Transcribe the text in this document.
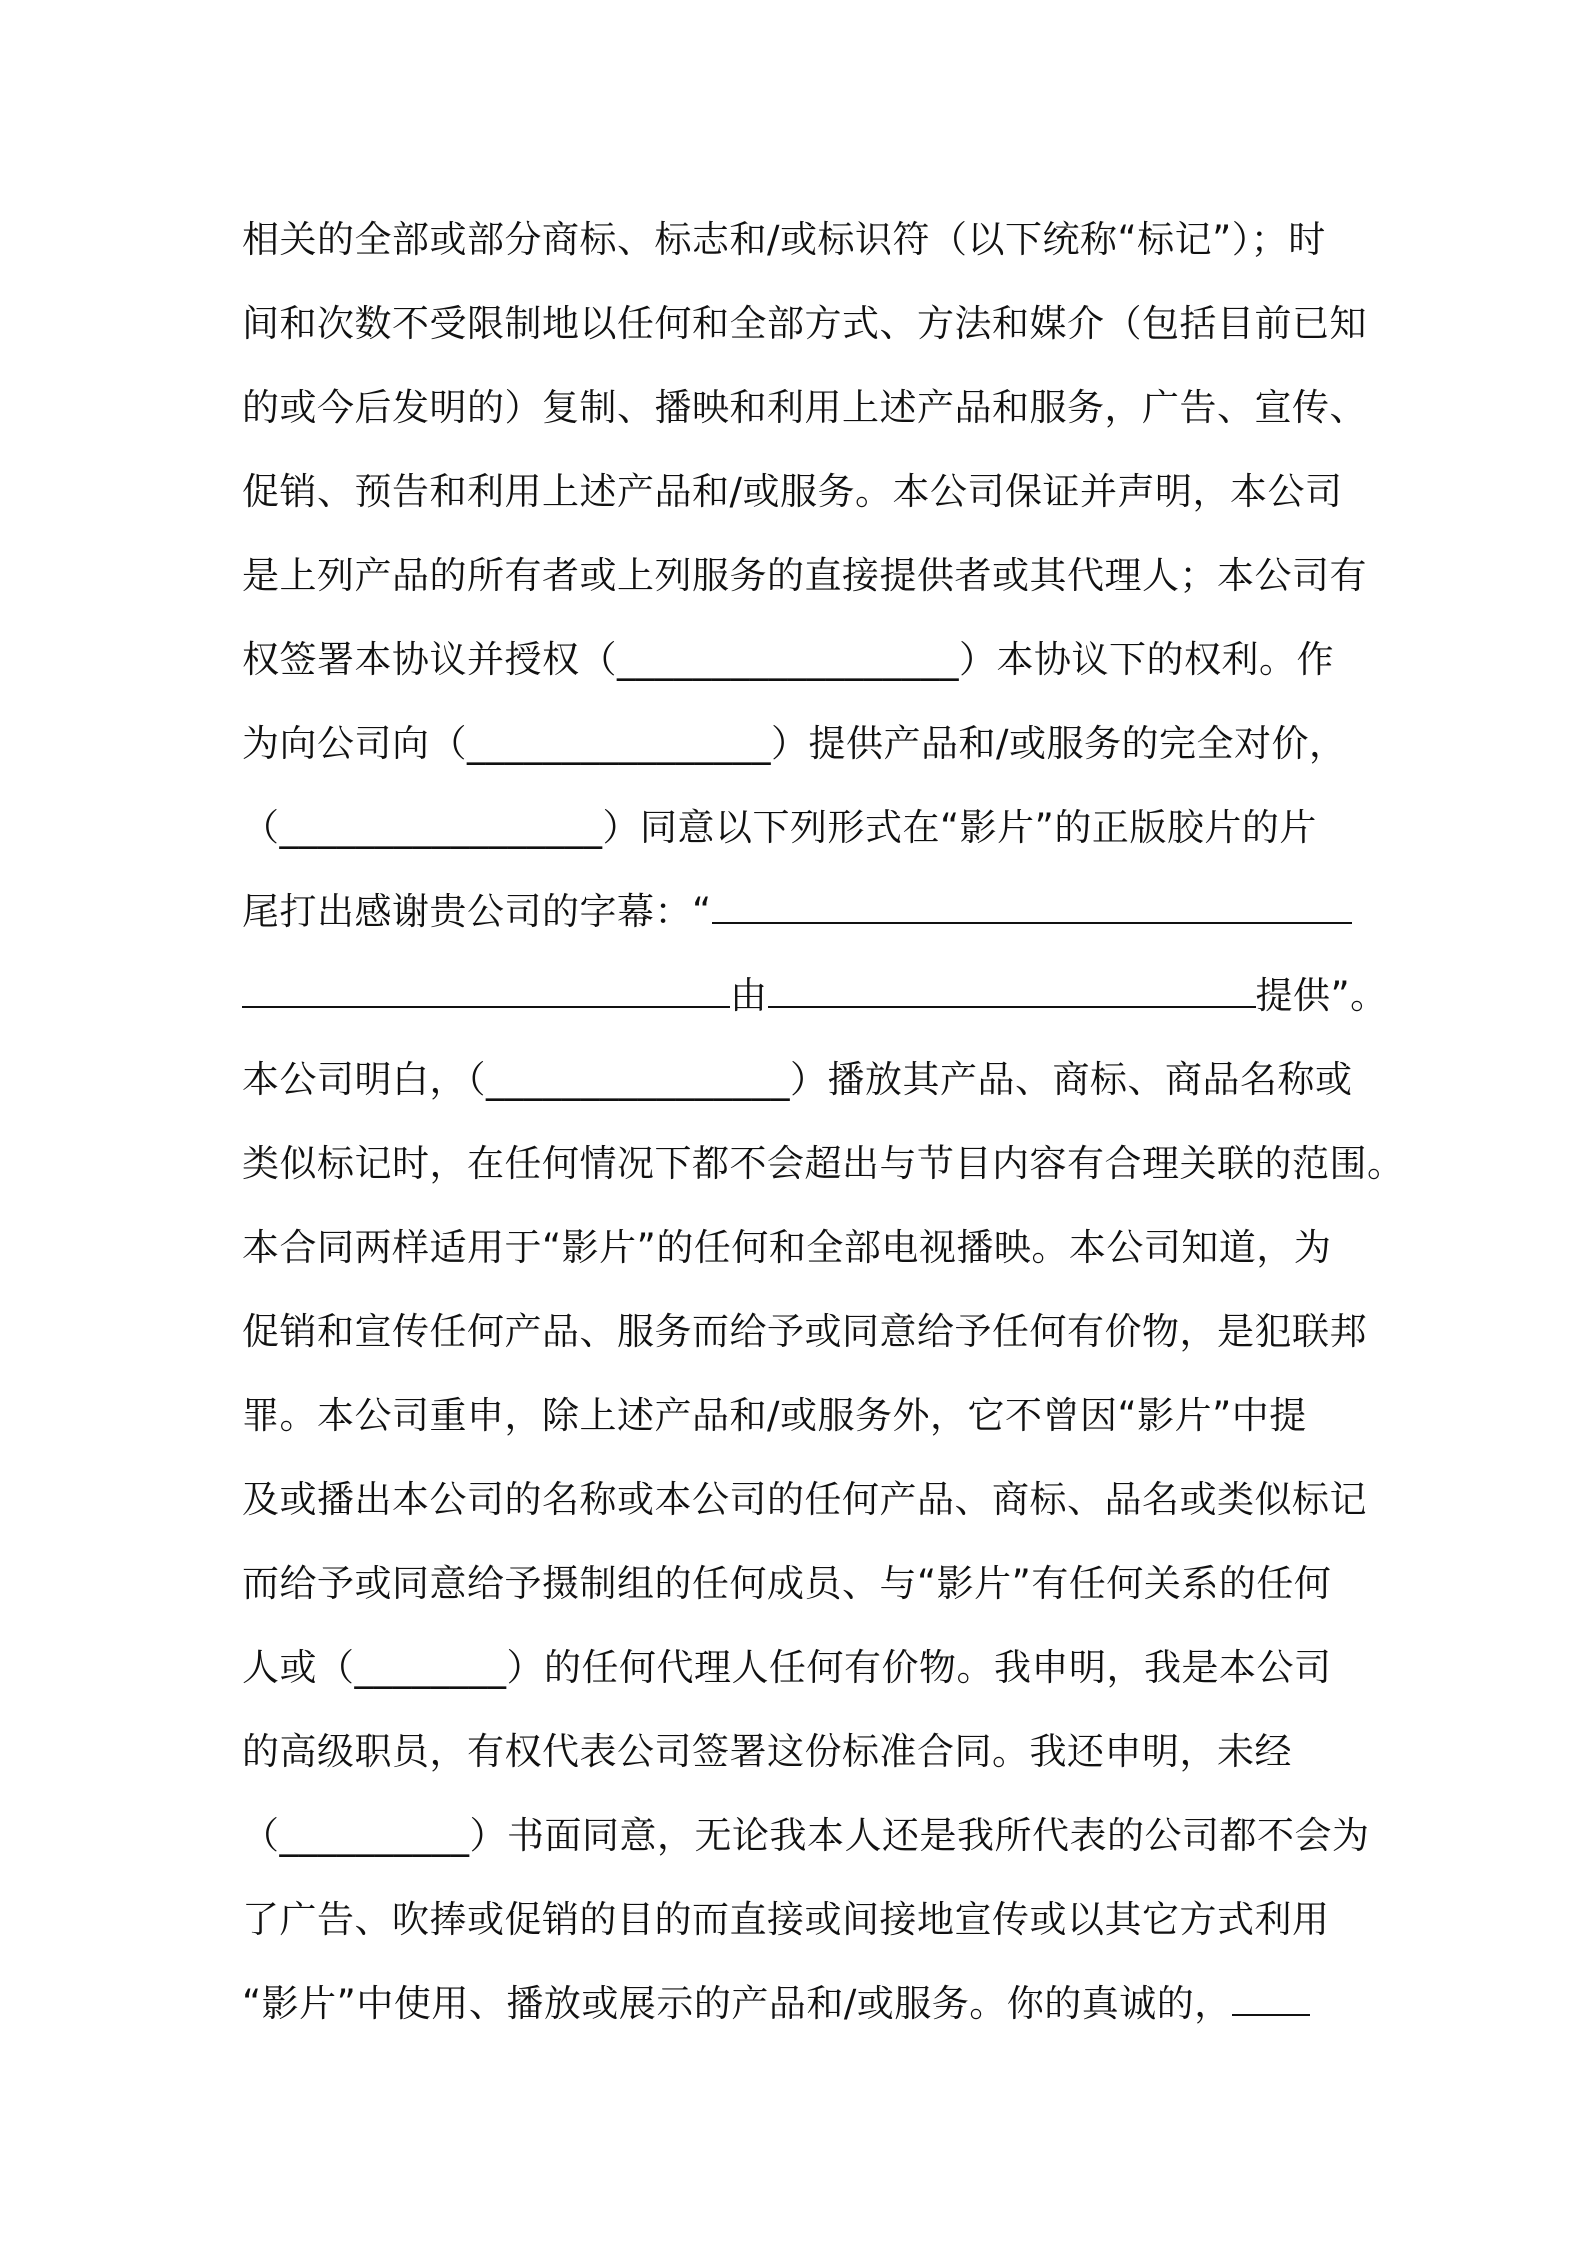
相关的全部或部分商标、标志和/或标识符（以下统称“标记”）；时
间和次数不受限制地以任何和全部方式、方法和媒介（包括目前已知
的或今后发明的）复制、播映和利用上述产品和服务，广告、宣传、
促销、预告和利用上述产品和/或服务。本公司保证并声明，本公司
是上列产品的所有者或上列服务的直接提供者或其代理人；本公司有
权签署本协议并授权（__________________）本协议下的权利。作
为向公司向（________________）提供产品和/或服务的完全对价，
（_________________）同意以下列形式在“影片”的正版胶片的片
尾打出感谢贵公司的字幕：“
由	提供”。
本公司明白，（________________）播放其产品、商标、商品名称或
类似标记时，在任何情况下都不会超出与节目内容有合理关联的范围。
本合同两样适用于“影片”的任何和全部电视播映。本公司知道，为
促销和宣传任何产品、服务而给予或同意给予任何有价物，是犯联邦
罪。本公司重申，除上述产品和/或服务外，它不曾因“影片”中提
及或播出本公司的名称或本公司的任何产品、商标、品名或类似标记
而给予或同意给予摄制组的任何成员、与“影片”有任何关系的任何
人或（________）的任何代理人任何有价物。我申明，我是本公司
的高级职员，有权代表公司签署这份标准合同。我还申明，未经
（__________）书面同意，无论我本人还是我所代表的公司都不会为
了广告、吹捧或促销的目的而直接或间接地宣传或以其它方式利用
“影片”中使用、播放或展示的产品和/或服务。你的真诚的，
